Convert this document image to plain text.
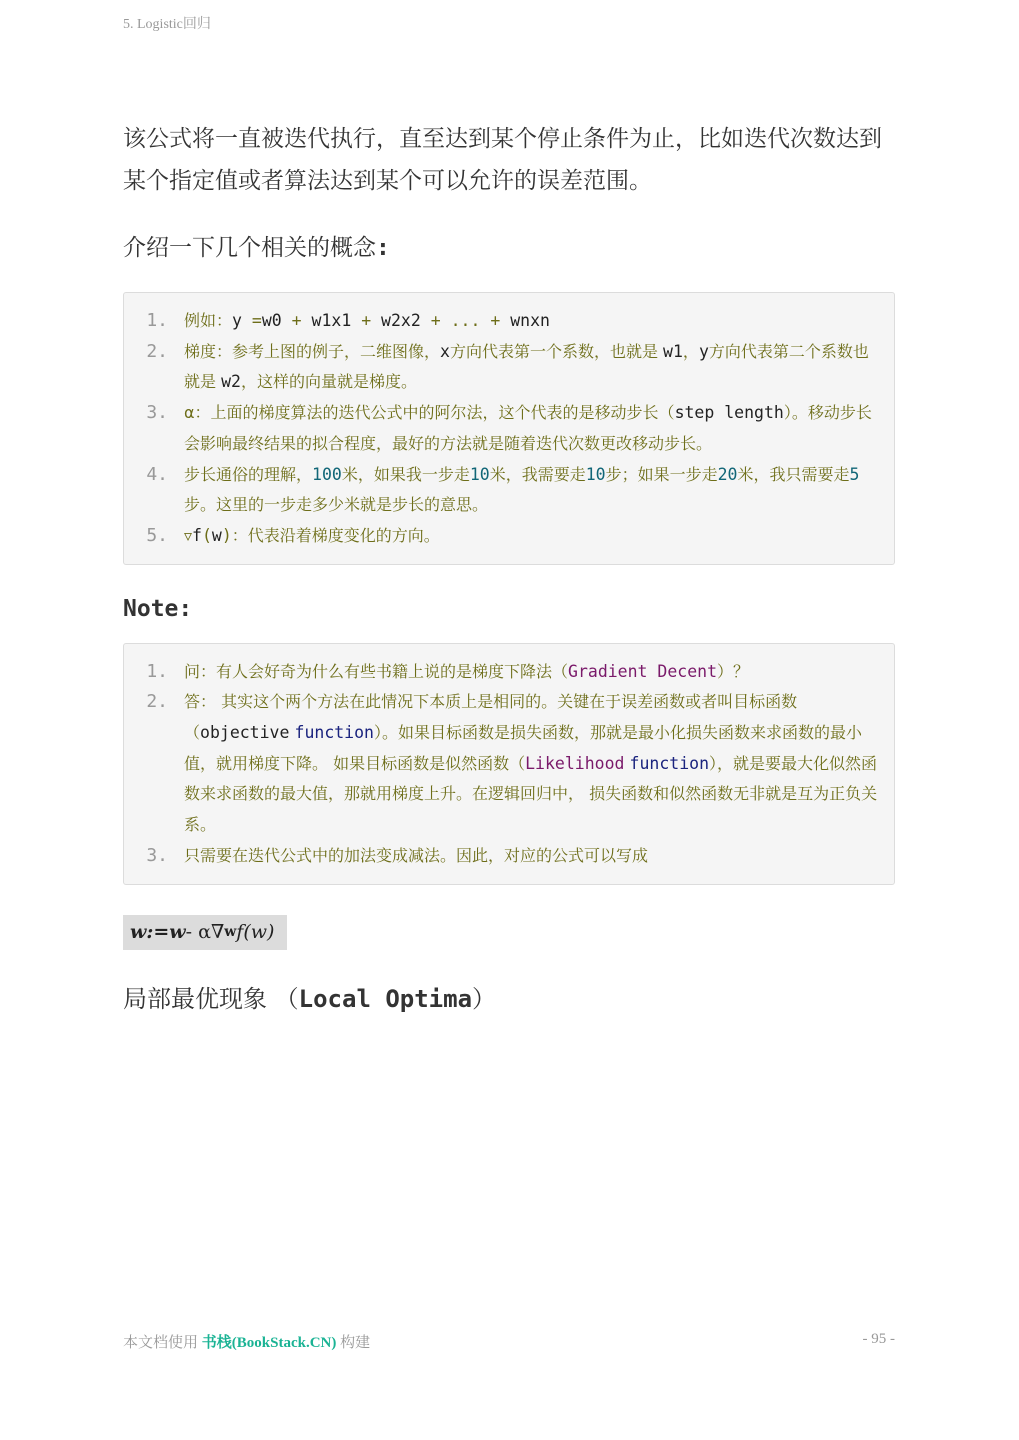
5. Logistic回归

该公式将一直被迭代执行，直至达到某个停止条件为止，比如迭代次数达到某个指定值或者算法达到某个可以允许的误差范围。

介绍一下几个相关的概念:
1. 例如：y =w0 + w1x1 + w2x2 + ... + wnxn
2. 梯度：参考上图的例子，二维图像，x方向代表第一个系数，也就是 w1，y方向代表第二个系数也就是 w2，这样的向量就是梯度。
3. α：上面的梯度算法的迭代公式中的阿尔法，这个代表的是移动步长（step length）。移动步长会影响最终结果的拟合程度，最好的方法就是随着迭代次数更改移动步长。
4. 步长通俗的理解，100米，如果我一步走10米，我需要走10步；如果一步走20米，我只需要走5步。这里的一步走多少米就是步长的意思。
5. ▿f(w)：代表沿着梯度变化的方向。
Note:
1. 问：有人会好奇为什么有些书籍上说的是梯度下降法（Gradient Decent）？
2. 答： 其实这个两个方法在此情况下本质上是相同的。关键在于误差函数或者叫目标函数（objective function）。如果目标函数是损失函数，那就是最小化损失函数来求函数的最小值，就用梯度下降。 如果目标函数是似然函数（Likelihood function），就是要最大化似然函数来求函数的最大值，那就用梯度上升。在逻辑回归中， 损失函数和似然函数无非就是互为正负关系。
3. 只需要在迭代公式中的加法变成减法。因此，对应的公式可以写成
w := w - α∇ w f(w)
局部最优现象 （Local Optima）
本文档使用 书栈(BookStack.CN) 构建	- 95 -
